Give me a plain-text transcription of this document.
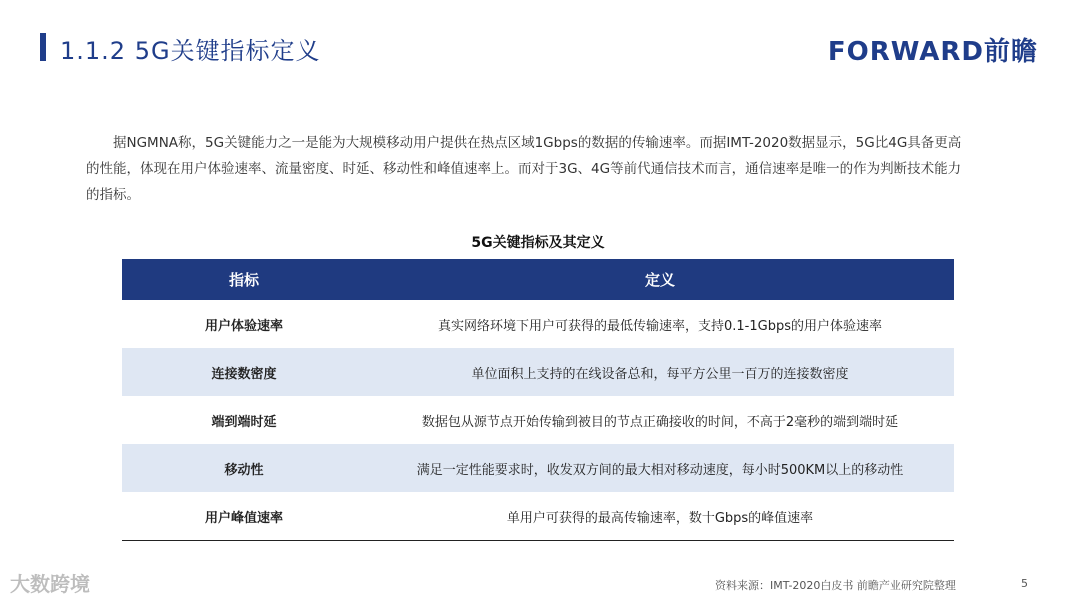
1.1.2 5G关键指标定义	FORWARD前瞻
据NGMNA称，5G关键能力之一是能为大规模移动用户提供在热点区域1Gbps的数据的传输速率。而据IMT-2020数据显示，5G比4G具备更高的性能，体现在用户体验速率、流量密度、时延、移动性和峰值速率上。而对于3G、4G等前代通信技术而言，通信速率是唯一的作为判断技术能力的指标。
5G关键指标及其定义
指标	定义
用户体验速率	真实网络环境下用户可获得的最低传输速率，支持0.1-1Gbps的用户体验速率
连接数密度	单位面积上支持的在线设备总和，每平方公里一百万的连接数密度
端到端时延	数据包从源节点开始传输到被目的节点正确接收的时间，不高于2毫秒的端到端时延
移动性	满足一定性能要求时，收发双方间的最大相对移动速度，每小时500KM以上的移动性
用户峰值速率	单用户可获得的最高传输速率，数十Gbps的峰值速率
大数跨境	资料来源：IMT-2020白皮书 前瞻产业研究院整理	5
